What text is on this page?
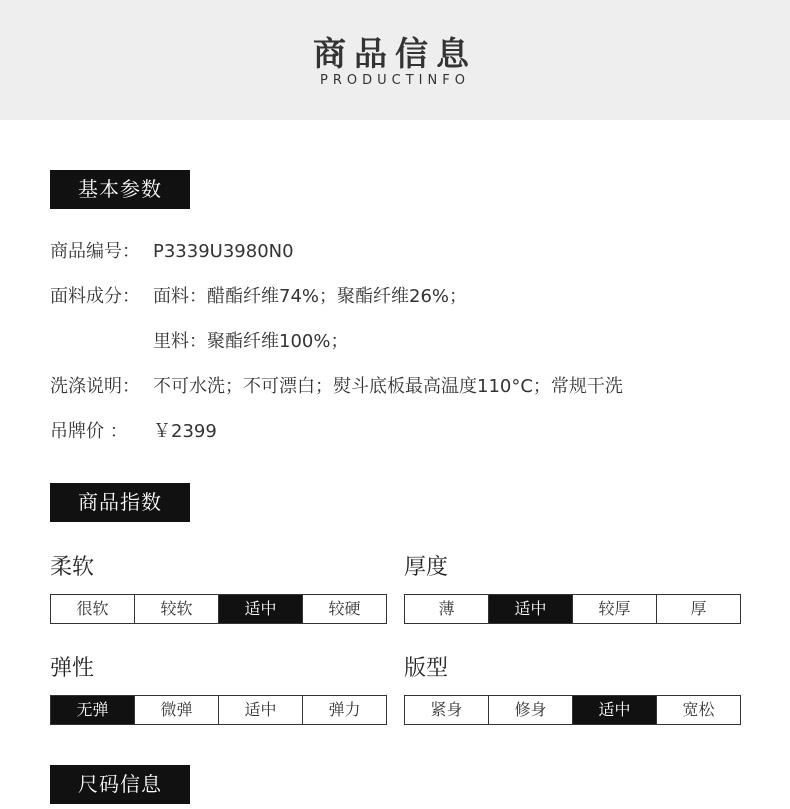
商品信息
PRODUCTINFO
基本参数
商品编号： P3339U3980N0
面料成分： 面料：醋酯纤维74%；聚酯纤维26%；
里料：聚酯纤维100%；
洗涤说明： 不可水洗；不可漂白；熨斗底板最高温度110°C；常规干洗
吊牌价 ： ￥2399
商品指数
柔软
很软	较软	适中	较硬
厚度
薄	适中	较厚	厚
弹性
无弹	微弹	适中	弹力
版型
紧身	修身	适中	宽松
尺码信息
